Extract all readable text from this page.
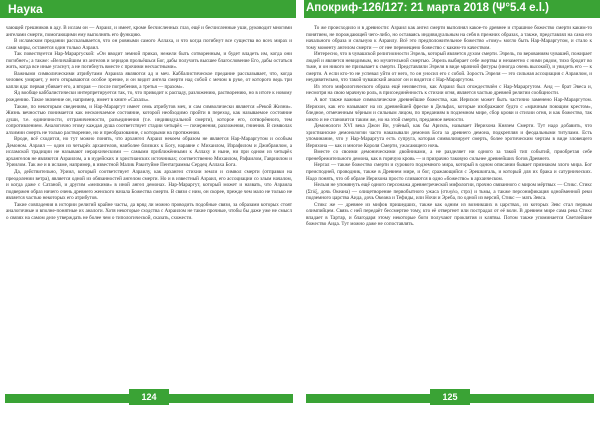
Наука	Апокриф-126/127: 21 марта 2018 (Ψ°5.4 e.l.)

чающей грешников в аду. В ислам он — Азраил, и имеет, кроме бесчисленных глаз, ещё и бесчисленные уши, руководит многими ангелами смерти, помогающими ему выполнять его функцию.

В исламском предании рассказывается, что он ровными самого Аллаха, и что когда погибнут все существа во всех мирах и сами миры, останется один только Азраил.

Так повествуется Нар-Мараргуской: «Он вводит земной приказ, нежели быть сотворенным, и будет владеть им, когда они погибнет»; а также: «Величайшим из ангелов и херидов прольёшься Бог, дабы получить высшее благословение Его, дабы остаться жить, когда все иные угаснут, а не погибнуть вместе с прочими несчастными».

Важными символическими атрибутами Азраила являются ад и меч. Каббалистическое предание рассказывает, что, когда человек умирает, у него открываются особое зрение, и он видит ангела смерти над собой с мечом в руке, от которого ведь три капли яда: первая убивает его, а вторая — после погребения, а третья — прахом».

Яд вообще каббалистически интерпретируется так, то, что приводит к распаду, разложению, растворению, но в итоге к новому рождению. Такое значение он, например, имеет в книге «Сахаль».

Также, по некоторым сведениям, и Нар-Мараргут имеет семь атрибутов меч, и сам символически является «Рекой Жизни». Жизнь вечностью понимается как нескончаемое состояние, которой необходимо пройти в переход, как называемое состояние души, т.е. единичности, отграниченности, разъединения (т.е. индивидуальной смерти), которое его, сотворённого, тем сопротивлением. Аналогично этому каждая душа соответствует стадии четырёх — почернения, разложения, гниения. В символах алхимии смерть не только растворение, но и преобразование, с которыми на протяжении.

Вроде, всё сходится, но тут можно понять, что архангел Азраил некоем образом не является Нар-Мараргутом и особым Демоном. Азраил — один из четырёх архангелов, наиболее близких к Богу, наравне с Михаилом, Израфилом и Джибраилом, а исламской традиции не называют иерархическими — самыми приближёнными к Аллаху и ныне, ни при одном из четырёх архангелов не являются Азраилом, а в иудейских и христианских источниках; соответственно Михаилом, Рафаилом, Гавриилом и Уриилом. Так же и в исламе, например, в известной Малик Ракитуйме Пентаграммы Сердец Аллаха Бога.

Да, действительно, Уриил, который соответствует Азраилу, как архангел стихии земли и символ смерти (отправки на преодолении ветра), является одной из обязанностей ангелом смерти. Но и в известный Азраил, его ассоциации со злым началом, и когда даже с Сатаной, и другим «мелкими» в иной ангел демонах. Нар-Мараргут, который может и назвать, что Азраила подвержен образ ничего очень древнего женского начала Божества смерти. В связи с ним, он скорее, прежде чем мало не только не является частью некоторых его атрибутов.

Такие совпадения в истории религий крайне часты, да вряд ли можно проводить подобные связи, за образами которых стоят аналогичные и вполне-понятные их аналоги. Хотя некоторые сходства с Азраилом не такие прочные, чтобы бы даже уже не смысл о связях на самом деле утверждать не более чем о типологической, сказать, схожести.

То же происходило и в древности: Азраил как ангел смерти выполнял какое-то древнее и страшное божество смерти каким-то понятием, не порождающей чего-либо, но оставаясь индивидуальным на себя в прежних образах, а также, представлял на сама его начального образа и сильную к Азраилу. Всё это предположительное божество «тому» могло быть Нар-Мараргутом, и стало к тому моменту ангелом смерти — от нее перемещено божество с каким-то качеством.

Интересно, что в чувашской религиозности Эзрель, который является духом смерти. Эзрель, по верованиям чувашей, пожирает людей и является невидимым, но мучительной смертью. Эзрель выбирает себе жертвы и незаметно с ними рядом, тихо бродит во тьме, и он никого не призывает к смерти. Представляли Эзреля в виде мрачной фигуры (иногда очень высокой), и увидеть его — к смерти. А если кто-то не успевал уйти от него, то он уносил его с собой. Зорость Эзреля — это сильная ассоциация с Азраилом, и неудивительно, что такой чувашский аналог он и видится с Нар-Мараргутом.

Из этого мифологического образа ещё неизвестно, как Азраил был отождествлён с Нар-Мараргутом. Анд — брат Эвеса и, несмотря на свою мрачную роль, в присоединённость к стихии огня, является частью древней религии сообщности.

А вот также важные символические древнейшие божества, как Иерихон может быть частично заменено Нар-Мараргутом. Иерихон, как его называют на их древнейшей фреске в Дельфах, которые изображают будто с «мрачным поющим крестом», бледное, отмеченным чёрным и сильным лицом, по преданиям в подземном мире, сбор крови и стихии огня, и как божество, так никто и не становится таким же, но на этой смерти, преданное вечности.

Демонологи XVI века Джон Ви, учёный, как бы Ариэль, называет Иерихона Князем Смерти. Тут надо добавить, что христианские демонологии часто наказывали демонов Бога за древнего демона, подкрепляя и феодальными титулами. Есть упоминание, что у Нар-Мараргута есть супруга, которая символизирует смерть, более эротическим чертам в виде зловещего Иерихона — как и многое Короля Смерти, ужасающего ночь.

Вместе со своими демоническими двойниками, а не разделяет ни одного за такой тип событий, приобретая себе пренебрежительного демона, как в горячую кровь — и призрачно таковую сильнее древнейших богов Древнего.

Нергал — также божество смерти и сурового подземного мира, который в одном описании бывает признаком злого мира. Бог преисподней, проводник, также в Древнем мире, и бог, сражающийся с Эрешкигаль, и который для их брака и сатурнических. Надо понять, что об образе Иерихона просто сливаются в одно «божество» в архаическом.

Нельзя не упомянуть ещё одного персонажа древнегреческой мифологии, прочно связанного с миром мёртвых — Стикс. Стикс (Στύξ, дочь Океана) — олицетворение первобытного ужаса (στυγέω, стрх) и тьмы, а также персонификация однойменной реки подземного царства Аида, дочь Океана и Тефиды, или Ночи и Эреба, по одной из версий, Стикс — мать Зевса.

Стикс же — древнее из мифов пришедших, также как одним из возникших в царствах, из которых Зевс стал первым олимпийцем. Связь с ней передаёт бессмертие тому, кто её отвергнет или пострадал от её волн. В древнем мире сама река Стикс впадает в Тартар, и благодаря этому некоторые боги получают проклятия и клятвы. Потом также упоминается Светлейшее божество Аида. Тут можно даже не сопоставлять.

124	125
